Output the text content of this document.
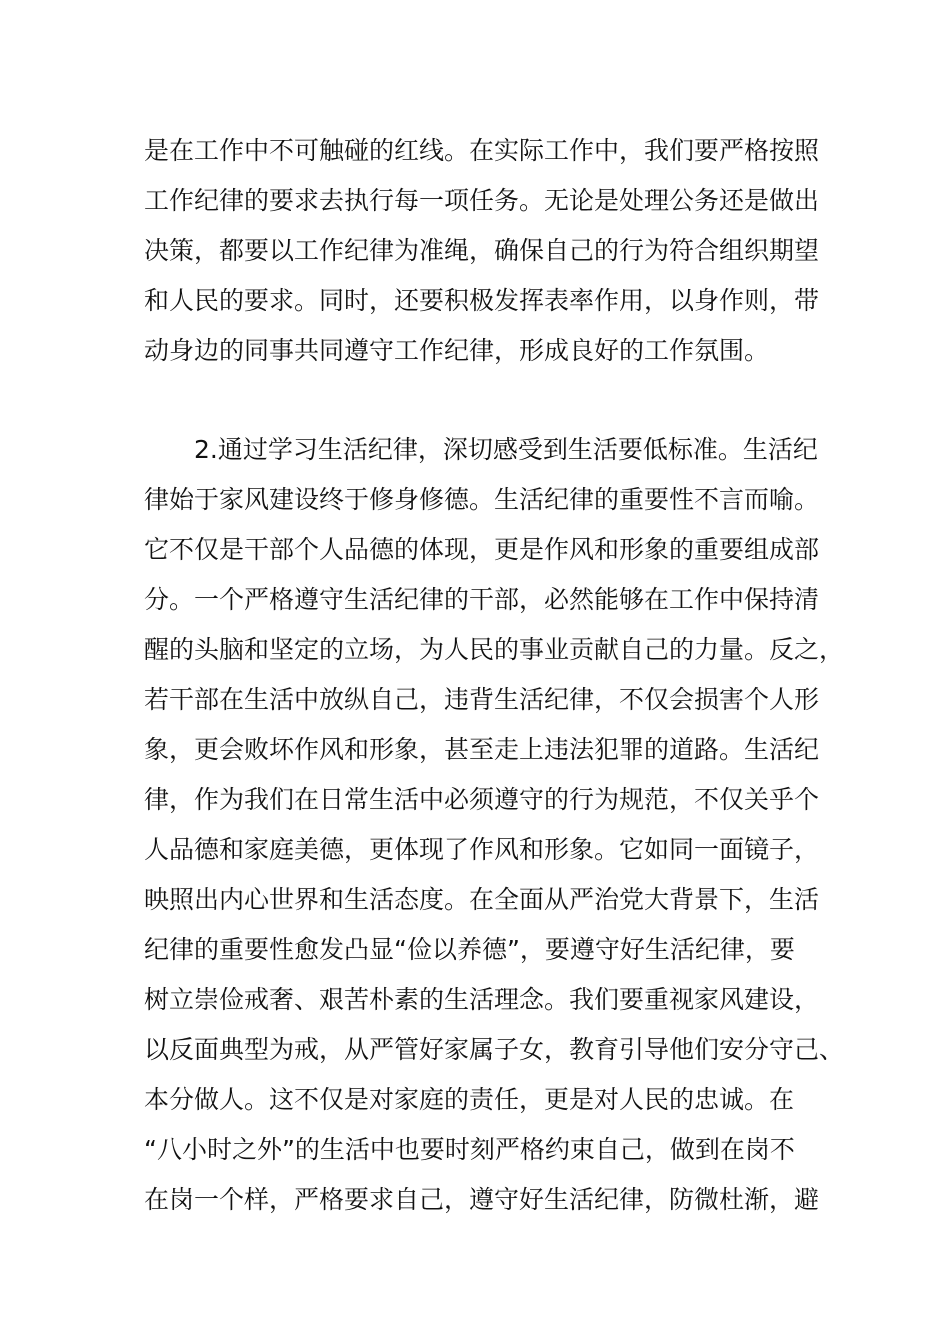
是在工作中不可触碰的红线。在实际工作中，我们要严格按照
工作纪律的要求去执行每一项任务。无论是处理公务还是做出
决策，都要以工作纪律为准绳，确保自己的行为符合组织期望
和人民的要求。同时，还要积极发挥表率作用，以身作则，带
动身边的同事共同遵守工作纪律，形成良好的工作氛围。
　　2.通过学习生活纪律，深切感受到生活要低标准。生活纪
律始于家风建设终于修身修德。生活纪律的重要性不言而喻。
它不仅是干部个人品德的体现，更是作风和形象的重要组成部
分。一个严格遵守生活纪律的干部，必然能够在工作中保持清
醒的头脑和坚定的立场，为人民的事业贡献自己的力量。反之，
若干部在生活中放纵自己，违背生活纪律，不仅会损害个人形
象，更会败坏作风和形象，甚至走上违法犯罪的道路。生活纪
律，作为我们在日常生活中必须遵守的行为规范，不仅关乎个
人品德和家庭美德，更体现了作风和形象。它如同一面镜子，
映照出内心世界和生活态度。在全面从严治党大背景下，生活
纪律的重要性愈发凸显“俭以养德”，要遵守好生活纪律，要
树立崇俭戒奢、艰苦朴素的生活理念。我们要重视家风建设，
以反面典型为戒，从严管好家属子女，教育引导他们安分守己、
本分做人。这不仅是对家庭的责任，更是对人民的忠诚。在
“八小时之外”的生活中也要时刻严格约束自己，做到在岗不
在岗一个样，严格要求自己，遵守好生活纪律，防微杜渐，避
